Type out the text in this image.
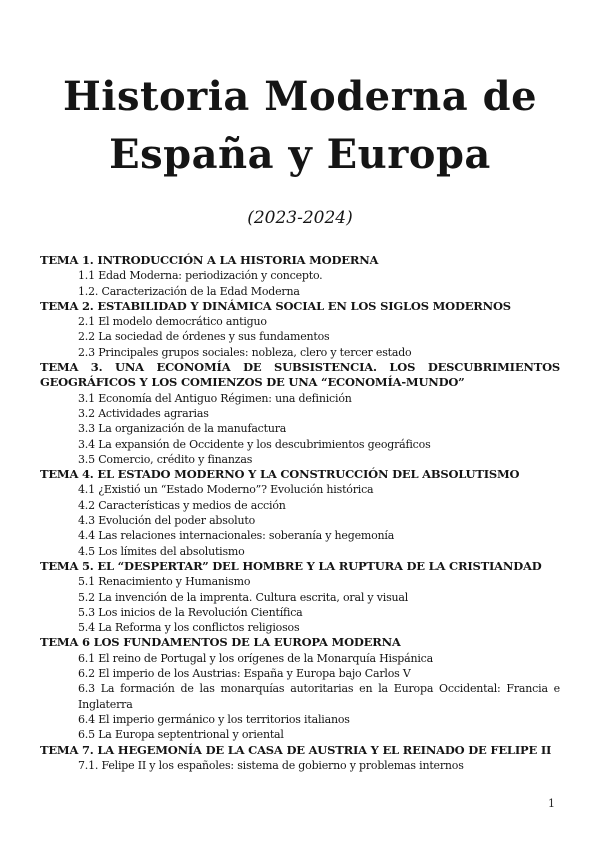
Historia Moderna de
España y Europa

(2023-2024)

TEMA 1. INTRODUCCIÓN A LA HISTORIA MODERNA

1.1 Edad Moderna: periodización y concepto.

1.2. Caracterización de la Edad Moderna

TEMA 2. ESTABILIDAD Y DINÁMICA SOCIAL EN LOS SIGLOS MODERNOS

2.1 El modelo democrático antiguo

2.2 La sociedad de órdenes y sus fundamentos

2.3 Principales grupos sociales: nobleza, clero y tercer estado

TEMA 3. UNA ECONOMÍA DE SUBSISTENCIA. LOS DESCUBRIMIENTOS GEOGRÁFICOS Y LOS COMIENZOS DE UNA “ECONOMÍA-MUNDO”

3.1 Economía del Antiguo Régimen: una definición

3.2 Actividades agrarias

3.3 La organización de la manufactura

3.4 La expansión de Occidente y los descubrimientos geográficos

3.5 Comercio, crédito y finanzas

TEMA 4. EL ESTADO MODERNO Y LA CONSTRUCCIÓN DEL ABSOLUTISMO

4.1 ¿Existió un “Estado Moderno”? Evolución histórica

4.2 Características y medios de acción

4.3 Evolución del poder absoluto

4.4 Las relaciones internacionales: soberanía y hegemonía

4.5 Los límites del absolutismo

TEMA 5. EL “DESPERTAR” DEL HOMBRE Y LA RUPTURA DE LA CRISTIANDAD

5.1 Renacimiento y Humanismo

5.2 La invención de la imprenta. Cultura escrita, oral y visual

5.3 Los inicios de la Revolución Científica

5.4 La Reforma y los conflictos religiosos

TEMA 6 LOS FUNDAMENTOS DE LA EUROPA MODERNA

6.1 El reino de Portugal y los orígenes de la Monarquía Hispánica

6.2 El imperio de los Austrias: España y Europa bajo Carlos V

6.3 La formación de las monarquías autoritarias en la Europa Occidental: Francia e Inglaterra

6.4 El imperio germánico y los territorios italianos

6.5 La Europa septentrional y oriental

TEMA 7. LA HEGEMONÍA DE LA CASA DE AUSTRIA Y EL REINADO DE FELIPE II

7.1. Felipe II y los españoles: sistema de gobierno y problemas internos

1
